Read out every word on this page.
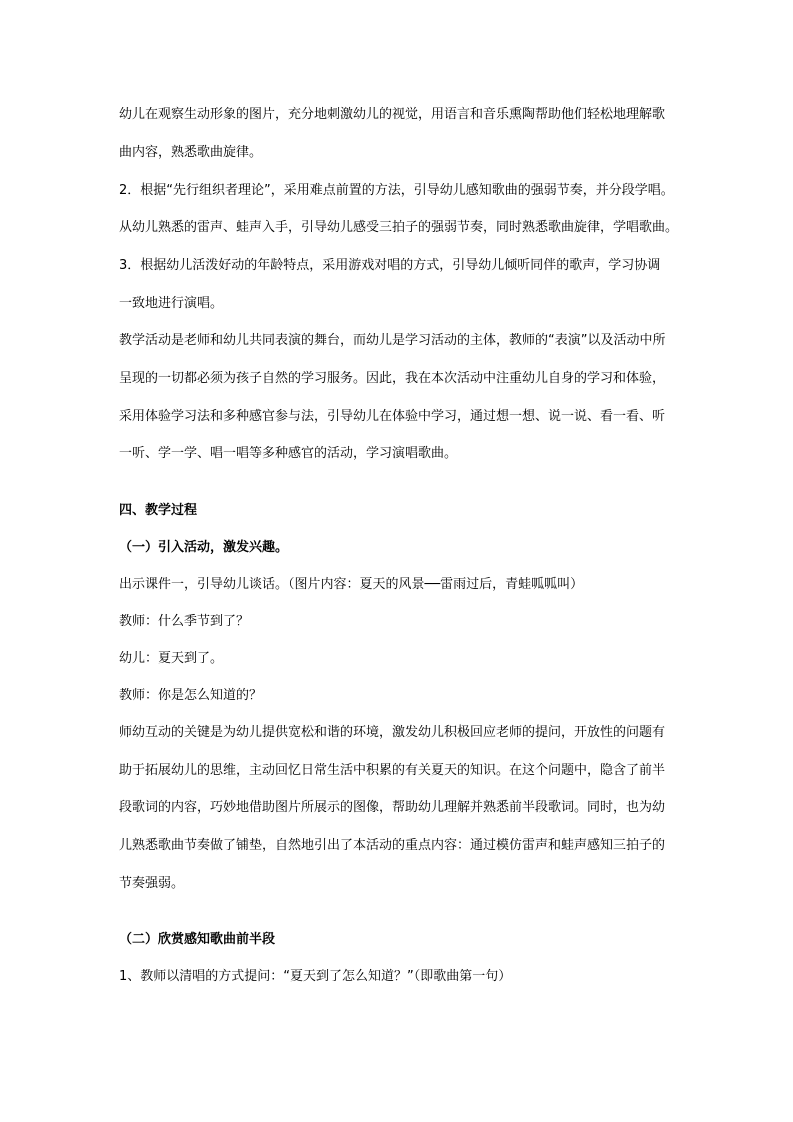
幼儿在观察生动形象的图片，充分地刺激幼儿的视觉，用语言和音乐熏陶帮助他们轻松地理解歌
曲内容，熟悉歌曲旋律。
2．根据“先行组织者理论”，采用难点前置的方法，引导幼儿感知歌曲的强弱节奏，并分段学唱。
从幼儿熟悉的雷声、蛙声入手，引导幼儿感受三拍子的强弱节奏，同时熟悉歌曲旋律，学唱歌曲。
3．根据幼儿活泼好动的年龄特点，采用游戏对唱的方式，引导幼儿倾听同伴的歌声，学习协调
一致地进行演唱。
教学活动是老师和幼儿共同表演的舞台，而幼儿是学习活动的主体，教师的“表演”以及活动中所
呈现的一切都必须为孩子自然的学习服务。因此，我在本次活动中注重幼儿自身的学习和体验，
采用体验学习法和多种感官参与法，引导幼儿在体验中学习，通过想一想、说一说、看一看、听
一听、学一学、唱一唱等多种感官的活动，学习演唱歌曲。
四、教学过程
（一）引入活动，激发兴趣。
出示课件一，引导幼儿谈话。（图片内容：夏天的风景──雷雨过后，青蛙呱呱叫）
教师：什么季节到了？
幼儿：夏天到了。
教师：你是怎么知道的？
师幼互动的关键是为幼儿提供宽松和谐的环境，激发幼儿积极回应老师的提问，开放性的问题有
助于拓展幼儿的思维，主动回忆日常生活中积累的有关夏天的知识。在这个问题中，隐含了前半
段歌词的内容，巧妙地借助图片所展示的图像，帮助幼儿理解并熟悉前半段歌词。同时，也为幼
儿熟悉歌曲节奏做了铺垫，自然地引出了本活动的重点内容：通过模仿雷声和蛙声感知三拍子的
节奏强弱。
（二）欣赏感知歌曲前半段
1、教师以清唱的方式提问：“夏天到了怎么知道？”（即歌曲第一句）
